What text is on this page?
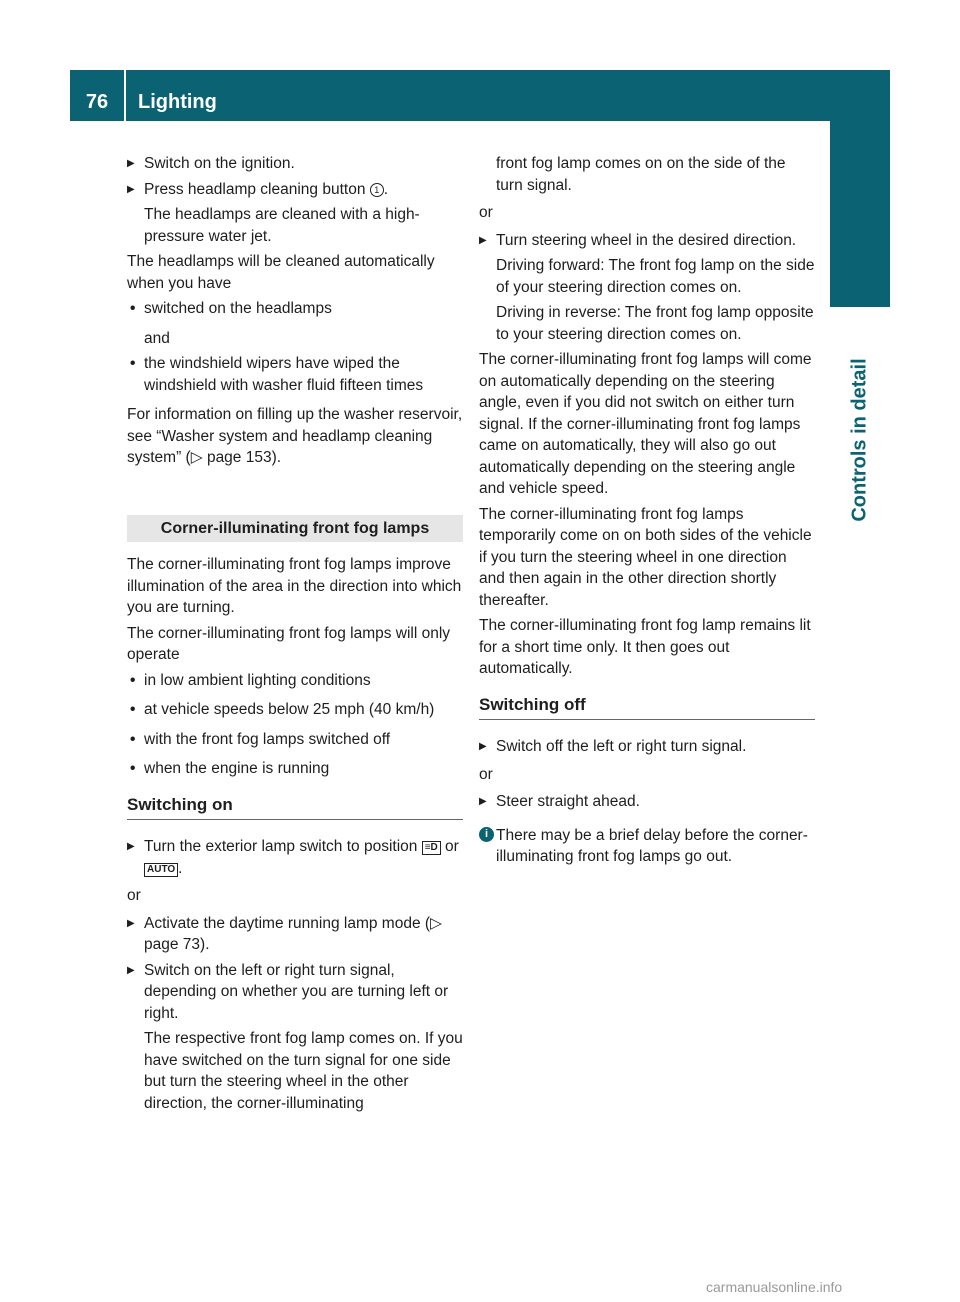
76	Lighting
Controls in detail
▶ Switch on the ignition.
▶ Press headlamp cleaning button 1 .
The headlamps are cleaned with a high-pressure water jet.

The headlamps will be cleaned automatically when you have

• switched on the headlamps
and
• the windshield wipers have wiped the windshield with washer fluid fifteen times

For information on filling up the washer reservoir, see “Washer system and headlamp cleaning system” (▷ page 153).

Corner-illuminating front fog lamps

The corner-illuminating front fog lamps improve illumination of the area in the direction into which you are turning.

The corner-illuminating front fog lamps will only operate

• in low ambient lighting conditions
• at vehicle speeds below 25 mph (40 km/h)
• with the front fog lamps switched off
• when the engine is running
Switching on
▶ Turn the exterior lamp switch to position ≡D or AUTO .
or
▶ Activate the daytime running lamp mode (▷ page 73).
▶ Switch on the left or right turn signal, depending on whether you are turning left or right.
The respective front fog lamp comes on. If you have switched on the turn signal for one side but turn the steering wheel in the other direction, the corner-illuminating
front fog lamp comes on on the side of the turn signal.
or
▶ Turn steering wheel in the desired direction.
Driving forward: The front fog lamp on the side of your steering direction comes on.
Driving in reverse: The front fog lamp opposite to your steering direction comes on.

The corner-illuminating front fog lamps will come on automatically depending on the steering angle, even if you did not switch on either turn signal. If the corner-illuminating front fog lamps came on automatically, they will also go out automatically depending on the steering angle and vehicle speed.

The corner-illuminating front fog lamps temporarily come on on both sides of the vehicle if you turn the steering wheel in one direction and then again in the other direction shortly thereafter.

The corner-illuminating front fog lamp remains lit for a short time only. It then goes out automatically.

Switching off
▶ Switch off the left or right turn signal.
or
▶ Steer straight ahead.
i There may be a brief delay before the corner-illuminating front fog lamps go out.
carmanualsonline.info
